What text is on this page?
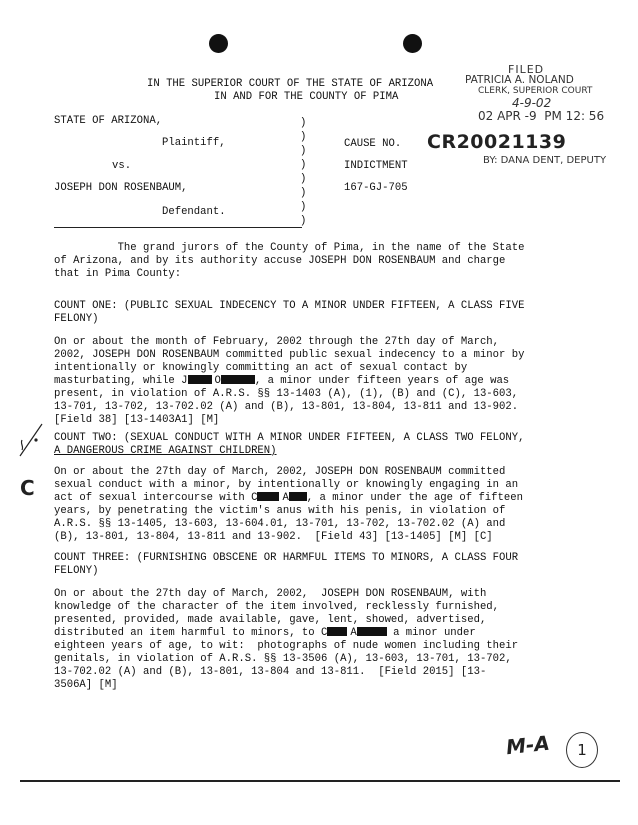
IN THE SUPERIOR COURT OF THE STATE OF ARIZONA
IN AND FOR THE COUNTY OF PIMA
FILED
PATRICIA A. NOLAND
CLERK, SUPERIOR COURT
4-9-02
02 APR -9  PM 12: 56
BY: DANA DENT, DEPUTY
STATE OF ARIZONA,
Plaintiff,
vs.
JOSEPH DON ROSENBAUM,
Defendant.
)
)
)
)
)
)
)
)
CAUSE NO. CR20021139
INDICTMENT
167-GJ-705
The grand jurors of the County of Pima, in the name of the State
of Arizona, and by its authority accuse JOSEPH DON ROSENBAUM and charge
that in Pima County:
COUNT ONE: (PUBLIC SEXUAL INDECENCY TO A MINOR UNDER FIFTEEN, A CLASS FIVE
FELONY)
On or about the month of February, 2002 through the 27th day of March,
2002, JOSEPH DON ROSENBAUM committed public sexual indecency to a minor by
intentionally or knowingly committing an act of sexual contact by
masturbating, while J	O	, a minor under fifteen years of age was
present, in violation of A.R.S. §§ 13-1403 (A), (1), (B) and (C), 13-603,
13-701, 13-702, 13-702.02 (A) and (B), 13-801, 13-804, 13-811 and 13-902.
[Field 38] [13-1403A1] [M]
COUNT TWO: (SEXUAL CONDUCT WITH A MINOR UNDER FIFTEEN, A CLASS TWO FELONY,
A DANGEROUS CRIME AGAINST CHILDREN)
C
On or about the 27th day of March, 2002, JOSEPH DON ROSENBAUM committed
sexual conduct with a minor, by intentionally or knowingly engaging in an
act of sexual intercourse with C A , a minor under the age of fifteen
years, by penetrating the victim's anus with his penis, in violation of
A.R.S. §§ 13-1405, 13-603, 13-604.01, 13-701, 13-702, 13-702.02 (A) and
(B), 13-801, 13-804, 13-811 and 13-902.  [Field 43] [13-1405] [M] [C]
COUNT THREE: (FURNISHING OBSCENE OR HARMFUL ITEMS TO MINORS, A CLASS FOUR
FELONY)
On or about the 27th day of March, 2002,  JOSEPH DON ROSENBAUM, with
knowledge of the character of the item involved, recklessly furnished,
presented, provided, made available, gave, lent, showed, advertised,
distributed an item harmful to minors, to C A	a minor under
eighteen years of age, to wit:  photographs of nude women including their
genitals, in violation of A.R.S. §§ 13-3506 (A), 13-603, 13-701, 13-702,
13-702.02 (A) and (B), 13-801, 13-804 and 13-811.  [Field 2015] [13-
3506A] [M]
M-A 1
